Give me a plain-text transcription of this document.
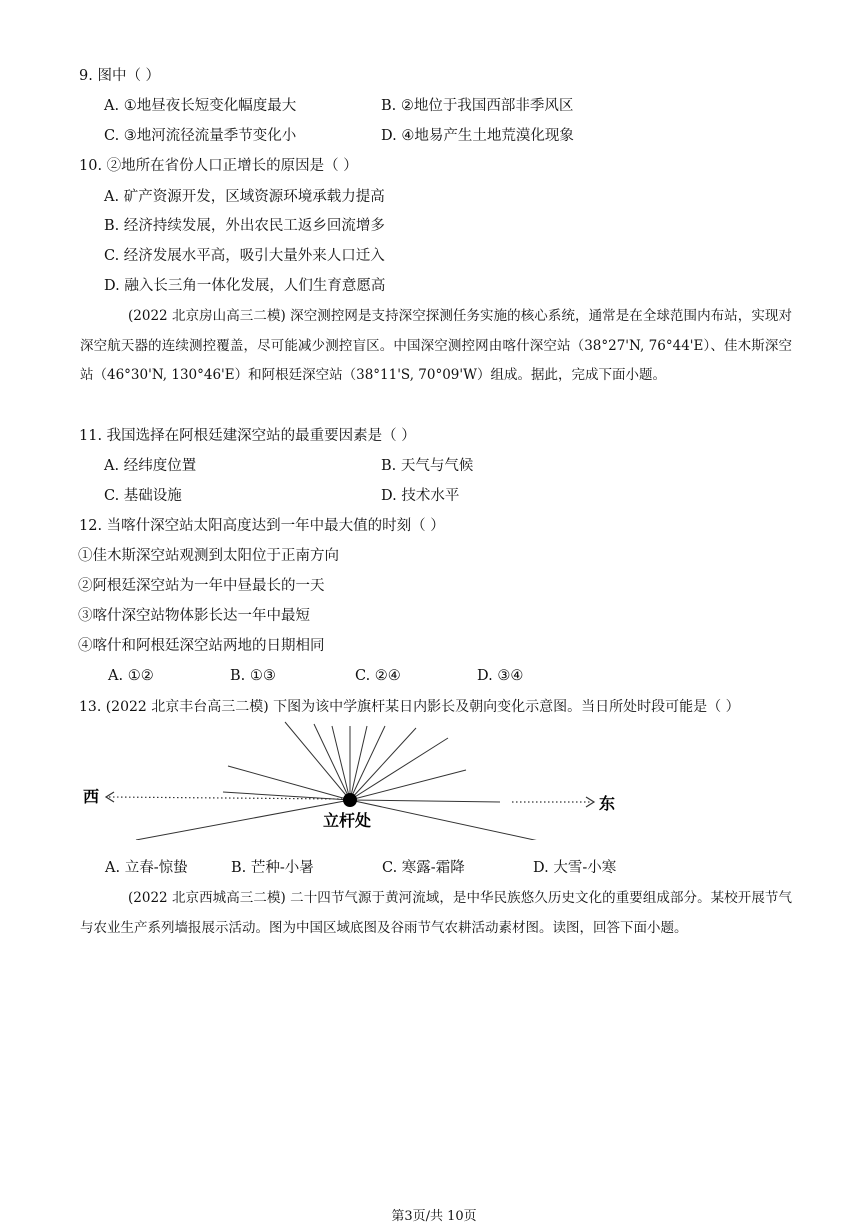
9. 图中（ ）
A. ①地昼夜长短变化幅度最大	B. ②地位于我国西部非季风区
C. ③地河流径流量季节变化小	D. ④地易产生土地荒漠化现象
10. ②地所在省份人口正增长的原因是（ ）
A. 矿产资源开发，区域资源环境承载力提高
B. 经济持续发展，外出农民工返乡回流增多
C. 经济发展水平高，吸引大量外来人口迁入
D. 融入长三角一体化发展，人们生育意愿高
(2022 北京房山高三二模) 深空测控网是支持深空探测任务实施的核心系统，通常是在全球范围内布站，实现对深空航天器的连续测控覆盖，尽可能减少测控盲区。中国深空测控网由喀什深空站（38°27'N, 76°44'E）、佳木斯深空站（46°30'N, 130°46'E）和阿根廷深空站（38°11'S, 70°09'W）组成。据此，完成下面小题。
11. 我国选择在阿根廷建深空站的最重要因素是（ ）
A. 经纬度位置	B. 天气与气候
C. 基础设施	D. 技术水平
12. 当喀什深空站太阳高度达到一年中最大值的时刻（ ）
①佳木斯深空站观测到太阳位于正南方向
②阿根廷深空站为一年中昼最长的一天
③喀什深空站物体影长达一年中最短
④喀什和阿根廷深空站两地的日期相同
A. ①②	B. ①③	C. ②④	D. ③④
13. (2022 北京丰台高三二模) 下图为该中学旗杆某日内影长及朝向变化示意图。当日所处时段可能是（ ）
西	东
立杆处
A. 立春-惊蛰	B. 芒种-小暑	C. 寒露-霜降	D. 大雪-小寒
(2022 北京西城高三二模) 二十四节气源于黄河流域，是中华民族悠久历史文化的重要组成部分。某校开展节气与农业生产系列墙报展示活动。图为中国区域底图及谷雨节气农耕活动素材图。读图，回答下面小题。
第3页/共 10页
